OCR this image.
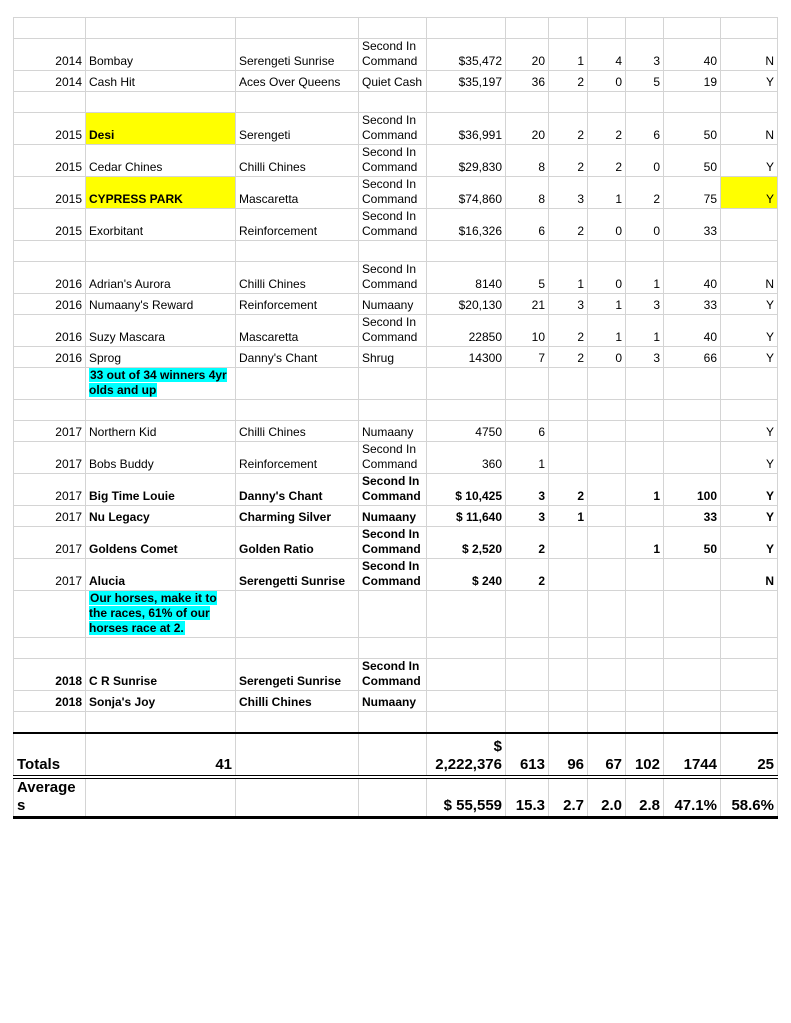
2014	Bombay	Serengeti Sunrise	Second In Command	$35,472	20	1	4	3	40	N
2014	Cash Hit	Aces Over Queens	Quiet Cash	$35,197	36	2	0	5	19	Y

2015	Desi	Serengeti	Second In Command	$36,991	20	2	2	6	50	N
2015	Cedar Chines	Chilli Chines	Second In Command	$29,830	8	2	2	0	50	Y
2015	CYPRESS PARK	Mascaretta	Second In Command	$74,860	8	3	1	2	75	Y
2015	Exorbitant	Reinforcement	Second In Command	$16,326	6	2	0	0	33	

2016	Adrian's Aurora	Chilli Chines	Second In Command	8140	5	1	0	1	40	N
2016	Numaany's Reward	Reinforcement	Numaany	$20,130	21	3	1	3	33	Y
2016	Suzy Mascara	Mascaretta	Second In Command	22850	10	2	1	1	40	Y
2016	Sprog	Danny's Chant	Shrug	14300	7	2	0	3	66	Y
	33 out of 34 winners 4yr olds and up									

2017	Northern Kid	Chilli Chines	Numaany	4750	6					Y
2017	Bobs Buddy	Reinforcement	Second In Command	360	1					Y
2017	Big Time Louie	Danny's Chant	Second In Command	$ 10,425	3	2		1	100	Y
2017	Nu Legacy	Charming Silver	Numaany	$ 11,640	3	1			33	Y
2017	Goldens Comet	Golden Ratio	Second In Command	$ 2,520	2			1	50	Y
2017	Alucia	Serengetti Sunrise	Second In Command	$ 240	2					N
	Our horses, make it to the races, 61% of our horses race at 2.									

2018	C R Sunrise	Serengeti Sunrise	Second In Command							
2018	Sonja's Joy	Chilli Chines	Numaany							

Totals	41			$ 2,222,376	613	96	67	102	1744	25
Averages				$ 55,559	15.3	2.7	2.0	2.8	47.1%	58.6%
